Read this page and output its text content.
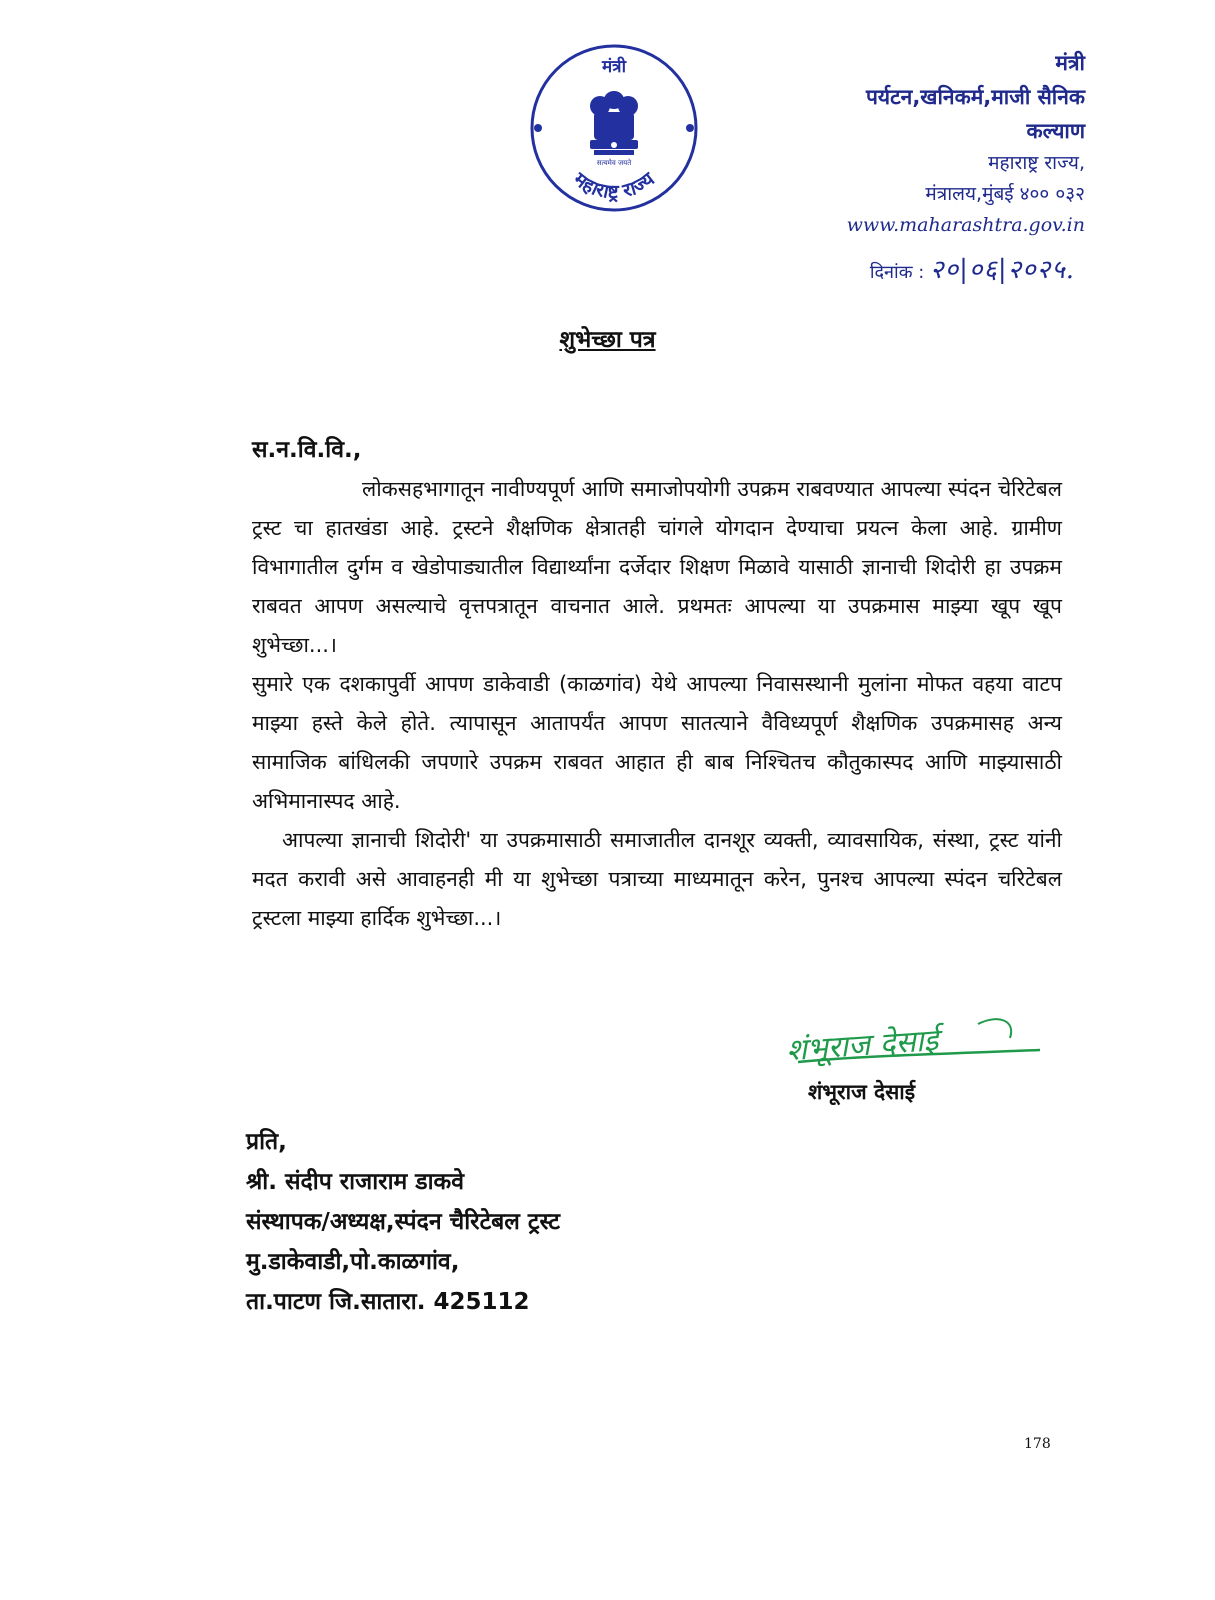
मंत्री
सत्यमेव जयते
महाराष्ट्र राज्य
मंत्री
पर्यटन,खनिकर्म,माजी सैनिक
कल्याण
महाराष्ट्र राज्य,
मंत्रालय,मुंबई ४०० ०३२
www.maharashtra.gov.in
दिनांक : २०|०६|२०२५.
शुभेच्छा पत्र
स.न.वि.वि.,

लोकसहभागातून नावीण्यपूर्ण आणि समाजोपयोगी उपक्रम राबवण्यात आपल्या स्पंदन चेरिटेबल ट्रस्ट चा हातखंडा आहे. ट्रस्टने शैक्षणिक क्षेत्रातही चांगले योगदान देण्याचा प्रयत्न केला आहे. ग्रामीण विभागातील दुर्गम व खेडोपाड्यातील विद्यार्थ्यांना दर्जेदार शिक्षण मिळावे यासाठी ज्ञानाची शिदोरी हा उपक्रम राबवत आपण असल्याचे वृत्तपत्रातून वाचनात आले. प्रथमतः आपल्या या उपक्रमास माझ्या खूप खूप शुभेच्छा...।

सुमारे एक दशकापुर्वी आपण डाकेवाडी (काळगांव) येथे आपल्या निवासस्थानी मुलांना मोफत वहया वाटप माझ्या हस्ते केले होते. त्यापासून आतापर्यंत आपण सातत्याने वैविध्यपूर्ण शैक्षणिक उपक्रमासह अन्य सामाजिक बांधिलकी जपणारे उपक्रम राबवत आहात ही बाब निश्चितच कौतुकास्पद आणि माझ्यासाठी अभिमानास्पद आहे.

आपल्या ज्ञानाची शिदोरी' या उपक्रमासाठी समाजातील दानशूर व्यक्ती, व्यावसायिक, संस्था, ट्रस्ट यांनी मदत करावी असे आवाहनही मी या शुभेच्छा पत्राच्या माध्यमातून करेन, पुनश्च आपल्या स्पंदन चरिटेबल ट्रस्टला माझ्या हार्दिक शुभेच्छा...।

शंभूराज देसाई
शंभूराज देसाई
प्रति,
श्री. संदीप राजाराम डाकवे
संस्थापक/अध्यक्ष,स्पंदन चैरिटेबल ट्रस्ट
मु.डाकेवाडी,पो.काळगांव,
ता.पाटण जि.सातारा. 425112
178
